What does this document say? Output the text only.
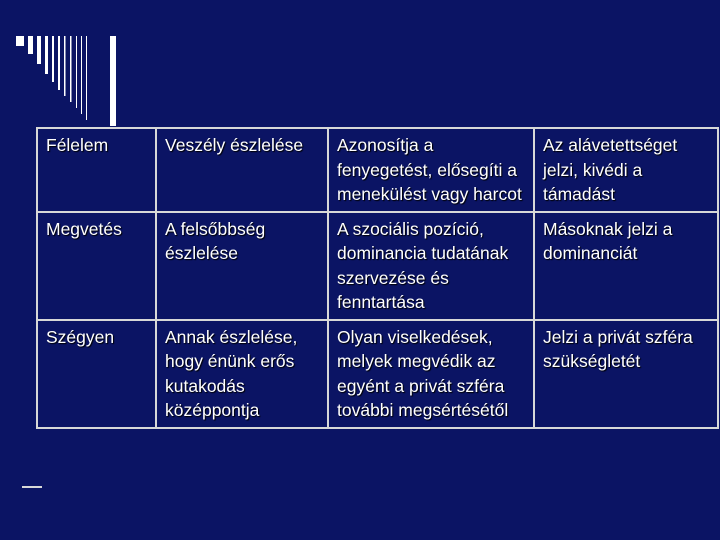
Félelem	Veszély észlelése	Azonosítja a fenyegetést, elősegíti a menekülést vagy harcot	Az alávetettséget jelzi, kivédi a támadást
Megvetés	A felsőbbség észlelése	A szociális pozíció, dominancia tudatának szervezése és fenntartása	Másoknak jelzi a dominanciát
Szégyen	Annak észlelése, hogy énünk erős kutakodás középpontja	Olyan viselkedések, melyek megvédik az egyént a privát szféra további megsértésétől	Jelzi a privát szféra szükségletét
